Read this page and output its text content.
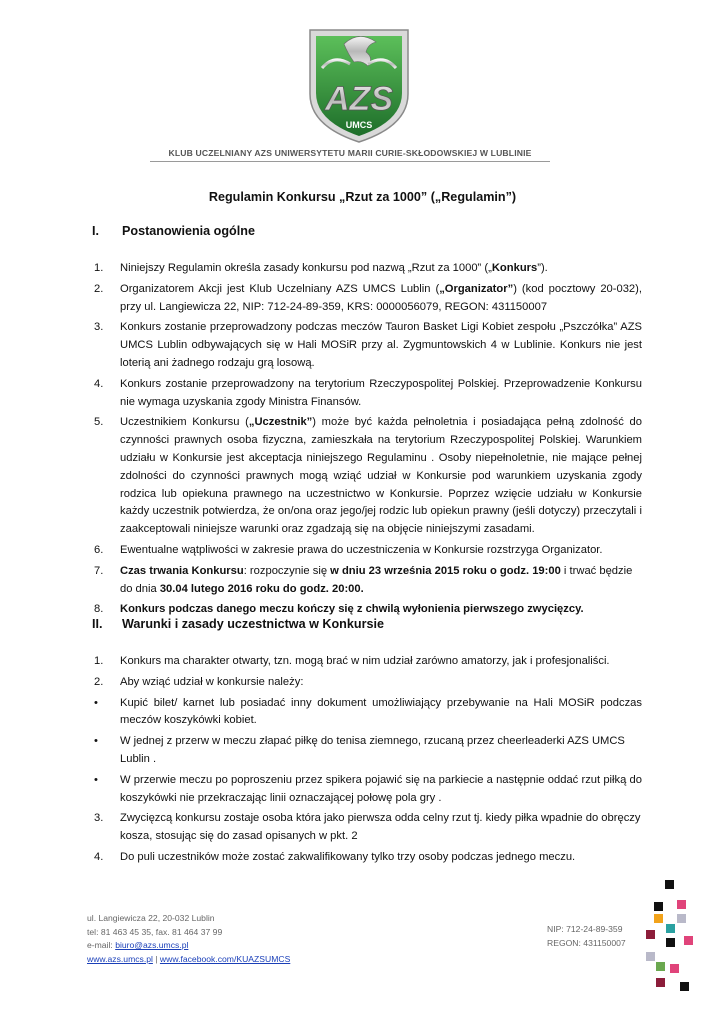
AZS
UMCS
KLUB UCZELNIANY AZS UNIWERSYTETU MARII CURIE-SKŁODOWSKIEJ W LUBLINIE
Regulamin Konkursu „Rzut za 1000” („Regulamin”)
I. Postanowienia ogólne
1.	Niniejszy Regulamin określa zasady konkursu pod nazwą „Rzut za 1000” („Konkurs”).
2.	Organizatorem Akcji jest Klub Uczelniany AZS UMCS Lublin („Organizator”) (kod pocztowy 20-032), przy ul. Langiewicza 22, NIP: 712-24-89-359, KRS: 0000056079, REGON: 431150007
3.	Konkurs zostanie przeprowadzony podczas meczów Tauron Basket Ligi Kobiet zespołu „Pszczółka” AZS UMCS Lublin odbywających się w Hali MOSiR przy al. Zygmuntowskich 4 w Lublinie. Konkurs nie jest loterią ani żadnego rodzaju grą losową.
4.	Konkurs zostanie przeprowadzony na terytorium Rzeczypospolitej Polskiej. Przeprowadzenie Konkursu nie wymaga uzyskania zgody Ministra Finansów.
5.	Uczestnikiem Konkursu („Uczestnik”) może być każda pełnoletnia i posiadająca pełną zdolność do czynności prawnych osoba fizyczna, zamieszkała na terytorium Rzeczypospolitej Polskiej. Warunkiem udziału w Konkursie jest akceptacja niniejszego Regulaminu . Osoby niepełnoletnie, nie mające pełnej zdolności do czynności prawnych mogą wziąć udział w Konkursie pod warunkiem uzyskania zgody rodzica lub opiekuna prawnego na uczestnictwo w Konkursie. Poprzez wzięcie udziału w Konkursie każdy uczestnik potwierdza, że on/ona oraz jego/jej rodzic lub opiekun prawny (jeśli dotyczy) przeczytali i zaakceptowali niniejsze warunki oraz zgadzają się na objęcie niniejszymi zasadami.
6.	Ewentualne wątpliwości w zakresie prawa do uczestniczenia w Konkursie rozstrzyga Organizator.
7.	Czas trwania Konkursu: rozpoczynie się w dniu 23 września 2015 roku o godz. 19:00 i trwać będzie do dnia 30.04 lutego 2016 roku do godz. 20:00.
8.	Konkurs podczas danego meczu kończy się z chwilą wyłonienia pierwszego zwycięzcy.
II. Warunki i zasady uczestnictwa w Konkursie
1.	Konkurs ma charakter otwarty, tzn. mogą brać w nim udział zarówno amatorzy, jak i profesjonaliści.
2.	Aby wziąć udział w konkursie należy:
•	Kupić bilet/ karnet lub posiadać inny dokument umożliwiający przebywanie na Hali MOSiR podczas meczów koszykówki kobiet.
•	W jednej z przerw w meczu złapać piłkę do tenisa ziemnego, rzucaną przez cheerleaderki AZS UMCS Lublin .
•	W przerwie meczu po poproszeniu przez spikera pojawić się na parkiecie a następnie oddać rzut piłką do koszykówki nie przekraczając linii oznaczającej połowę pola gry .
3.	Zwycięzcą konkursu zostaje osoba która jako pierwsza odda celny rzut tj. kiedy piłka wpadnie do obręczy kosza, stosując się do zasad opisanych w pkt. 2
4.	Do puli uczestników może zostać zakwalifikowany tylko trzy osoby podczas jednego meczu.
ul. Langiewicza 22, 20-032 Lublin
tel: 81 463 45 35, fax. 81 464 37 99
e-mail: biuro@azs.umcs.pl
www.azs.umcs.pl | www.facebook.com/KUAZSUMCS
NIP: 712-24-89-359
REGON: 431150007
